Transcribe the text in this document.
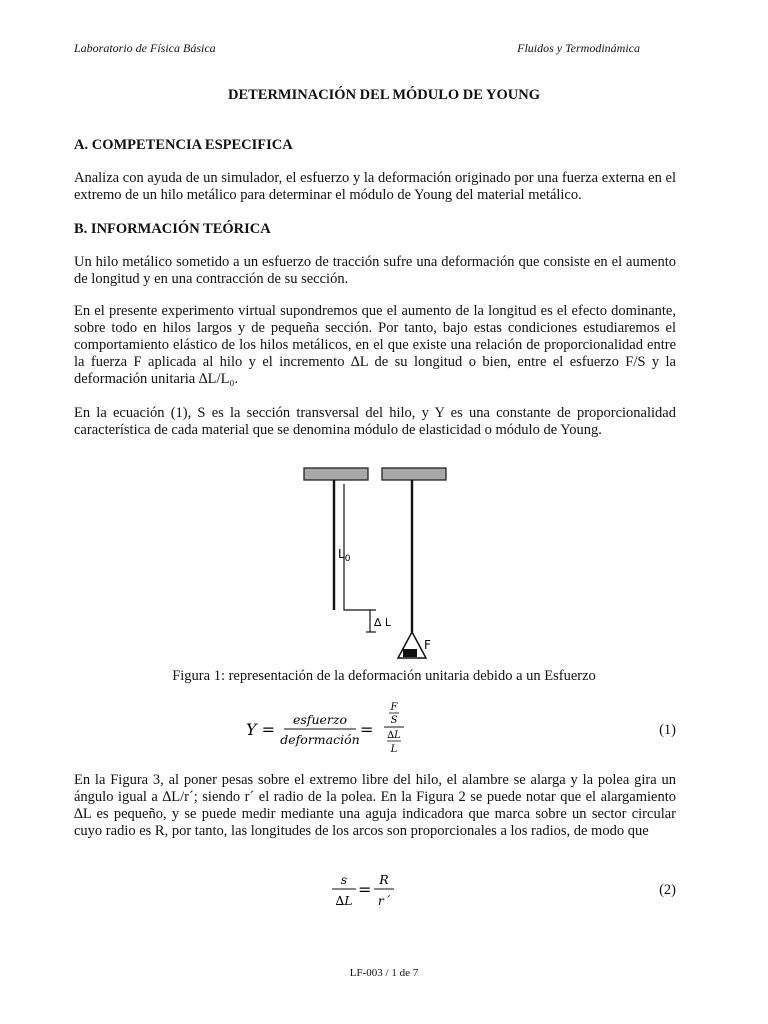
Laboratorio de Física Básica	Fluidos y Termodinámica
DETERMINACIÓN DEL MÓDULO DE YOUNG
A. COMPETENCIA ESPECIFICA
Analiza con ayuda de un simulador, el esfuerzo y la deformación originado por una fuerza externa en el extremo de un hilo metálico para determinar el módulo de Young del material metálico.
B. INFORMACIÓN TEÓRICA
Un hilo metálico sometido a un esfuerzo de tracción sufre una deformación que consiste en el aumento de longitud y en una contracción de su sección.
En el presente experimento virtual supondremos que el aumento de la longitud es el efecto dominante, sobre todo en hilos largos y de pequeña sección. Por tanto, bajo estas condiciones estudiaremos el comportamiento elástico de los hilos metálicos, en el que existe una relación de proporcionalidad entre la fuerza F aplicada al hilo y el incremento ∆L de su longitud o bien, entre el esfuerzo F/S y la deformación unitaria ∆L/L₀.
En la ecuación (1), S es la sección transversal del hilo, y Y es una constante de proporcionalidad característica de cada material que se denomina módulo de elasticidad o módulo de Young.
$L_0$
∆ L
F
Figura 1: representación de la deformación unitaria debido a un Esfuerzo
Y =
esfuerzo
deformación
=
F
S
∆L
L
(1)
En la Figura 3, al poner pesas sobre el extremo libre del hilo, el alambre se alarga y la polea gira un ángulo igual a ∆L/r´; siendo r´ el radio de la polea. En la Figura 2 se puede notar que el alargamiento ∆L es pequeño, y se puede medir mediante una aguja indicadora que marca sobre un sector circular cuyo radio es R, por tanto, las longitudes de los arcos son proporcionales a los radios, de modo que
s
∆L
=
R
r´
(2)
LF-003 / 1 de 7
